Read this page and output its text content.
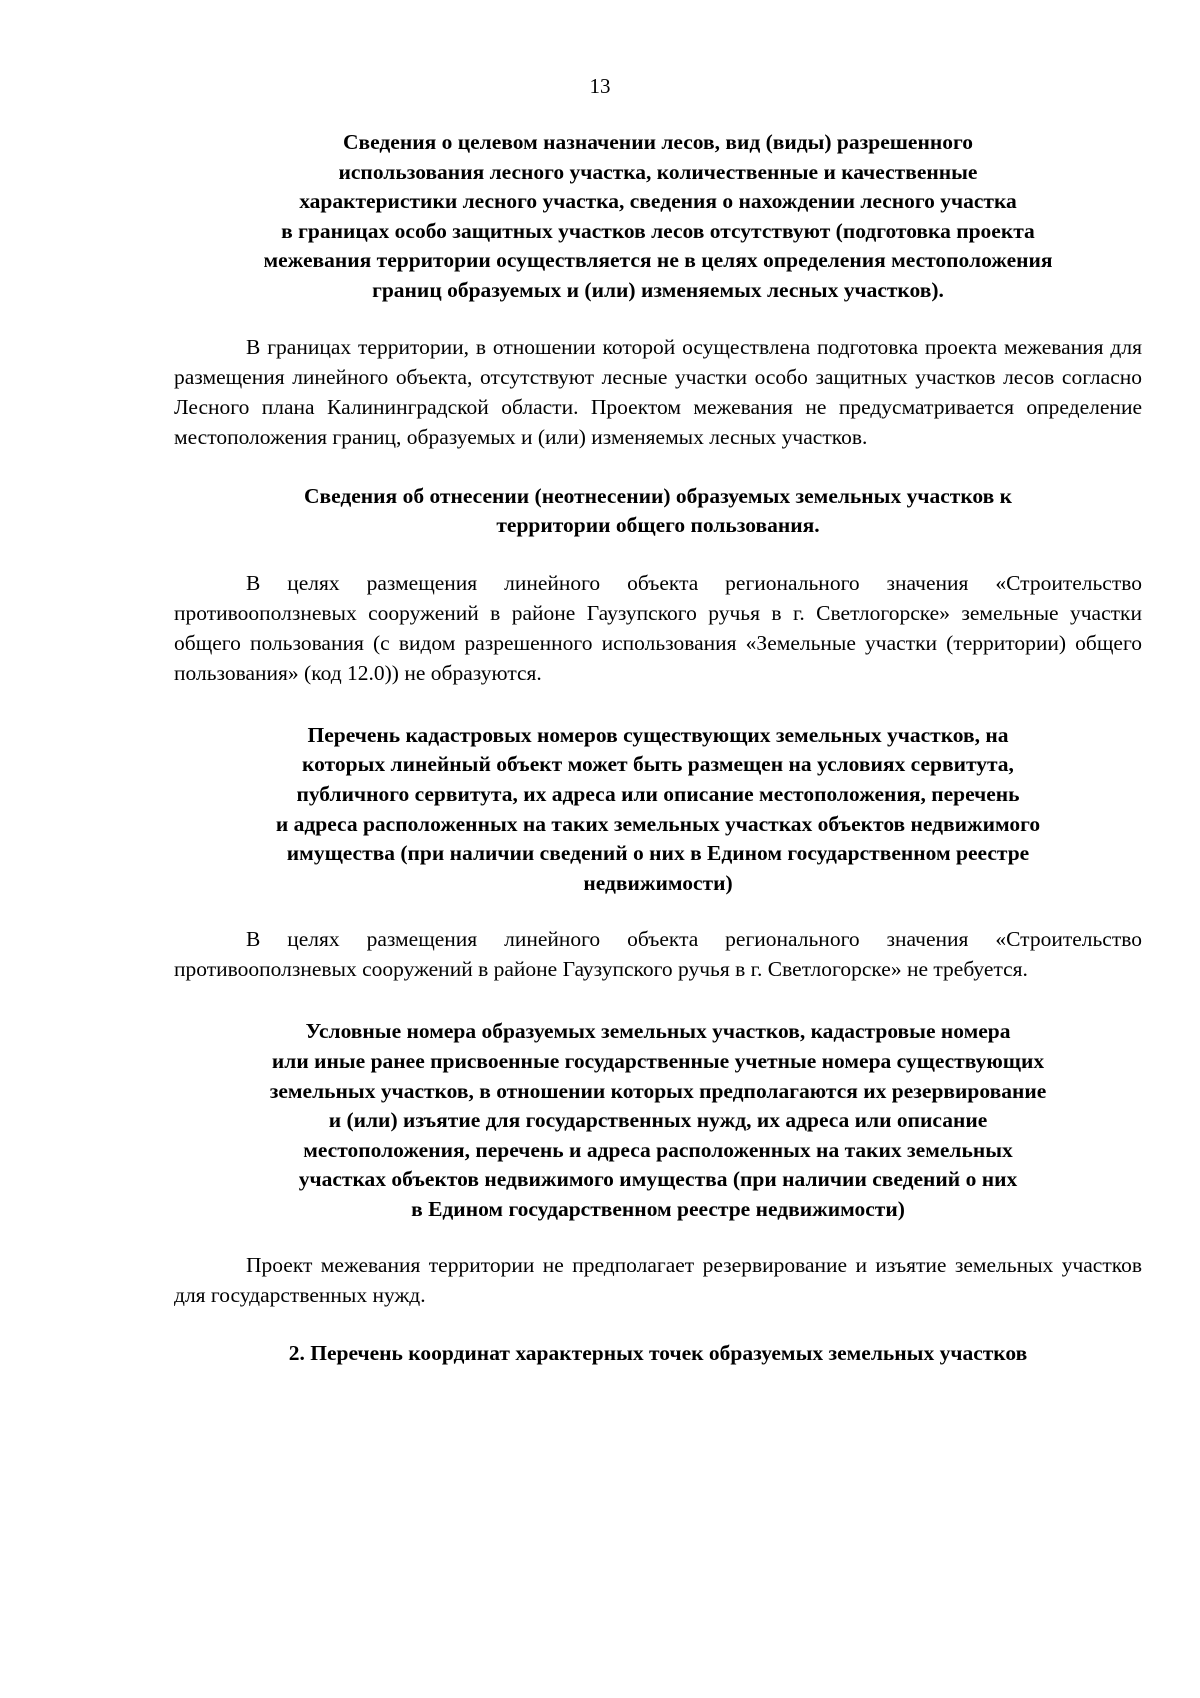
13
Сведения о целевом назначении лесов, вид (виды) разрешенного
использования лесного участка, количественные и качественные
характеристики лесного участка, сведения о нахождении лесного участка
в границах особо защитных участков лесов отсутствуют (подготовка проекта
межевания территории осуществляется не в целях определения местоположения
границ образуемых и (или) изменяемых лесных участков).

В границах территории, в отношении которой осуществлена подготовка проекта межевания для размещения линейного объекта, отсутствуют лесные участки особо защитных участков лесов согласно Лесного плана Калининградской области. Проектом межевания не предусматривается определение местоположения границ, образуемых и (или) изменяемых лесных участков.

Сведения об отнесении (неотнесении) образуемых земельных участков к
территории общего пользования.

В целях размещения линейного объекта регионального значения «Строительство противооползневых сооружений в районе Гаузупского ручья в г. Светлогорске» земельные участки общего пользования (с видом разрешенного использования «Земельные участки (территории) общего пользования» (код 12.0)) не образуются.

Перечень кадастровых номеров существующих земельных участков, на
которых линейный объект может быть размещен на условиях сервитута,
публичного сервитута, их адреса или описание местоположения, перечень
и адреса расположенных на таких земельных участках объектов недвижимого
имущества (при наличии сведений о них в Едином государственном реестре
недвижимости)

В целях размещения линейного объекта регионального значения «Строительство противооползневых сооружений в районе Гаузупского ручья в г. Светлогорске» не требуется.

Условные номера образуемых земельных участков, кадастровые номера
или иные ранее присвоенные государственные учетные номера существующих
земельных участков, в отношении которых предполагаются их резервирование
и (или) изъятие для государственных нужд, их адреса или описание
местоположения, перечень и адреса расположенных на таких земельных
участках объектов недвижимого имущества (при наличии сведений о них
в Едином государственном реестре недвижимости)

Проект межевания территории не предполагает резервирование и изъятие земельных участков для государственных нужд.

2. Перечень координат характерных точек образуемых земельных участков
